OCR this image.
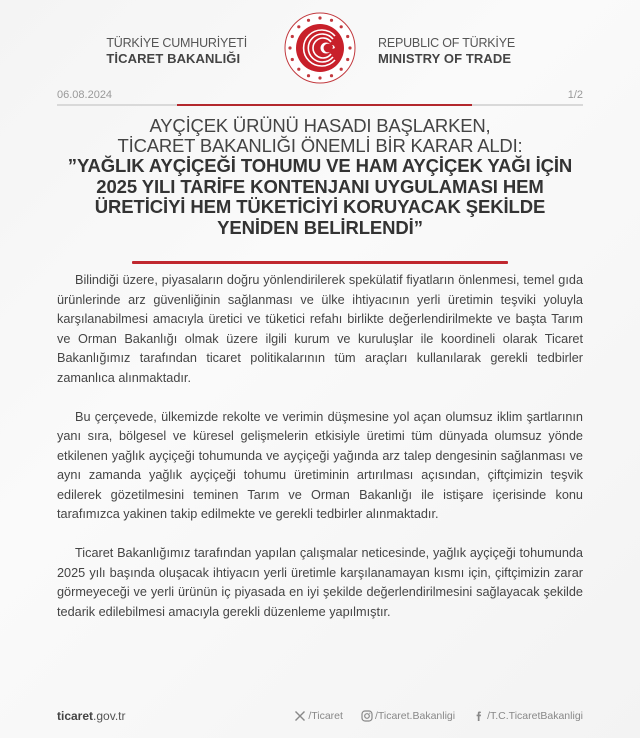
TÜRKİYE CUMHURİYETİ
TİCARET BAKANLIĞI
REPUBLIC OF TÜRKİYE
MINISTRY OF TRADE
06.08.2024	1/2
AYÇİÇEK ÜRÜNÜ HASADI BAŞLARKEN,
TİCARET BAKANLIĞI ÖNEMLİ BİR KARAR ALDI:
”YAĞLIK AYÇİÇEĞİ TOHUMU VE HAM AYÇİÇEK YAĞI İÇİN
2025 YILI TARİFE KONTENJANI UYGULAMASI HEM
ÜRETİCİYİ HEM TÜKETİCİYİ KORUYACAK ŞEKİLDE
YENİDEN BELİRLENDİ”

Bilindiği üzere, piyasaların doğru yönlendirilerek spekülatif fiyatların önlenmesi, temel gıda ürünlerinde arz güvenliğinin sağlanması ve ülke ihtiyacının yerli üretimin teşviki yoluyla karşılanabilmesi amacıyla üretici ve tüketici refahı birlikte değerlendirilmekte ve başta Tarım ve Orman Bakanlığı olmak üzere ilgili kurum ve kuruluşlar ile koordineli olarak Ticaret Bakanlığımız tarafından ticaret politikalarının tüm araçları kullanılarak gerekli tedbirler zamanlıca alınmaktadır.

Bu çerçevede, ülkemizde rekolte ve verimin düşmesine yol açan olumsuz iklim şartlarının yanı sıra, bölgesel ve küresel gelişmelerin etkisiyle üretimi tüm dünyada olumsuz yönde etkilenen yağlık ayçiçeği tohumunda ve ayçiçeği yağında arz talep dengesinin sağlanması ve aynı zamanda yağlık ayçiçeği tohumu üretiminin artırılması açısından, çiftçimizin teşvik edilerek gözetilmesini teminen Tarım ve Orman Bakanlığı ile istişare içerisinde konu tarafımızca yakinen takip edilmekte ve gerekli tedbirler alınmaktadır.

Ticaret Bakanlığımız tarafından yapılan çalışmalar neticesinde, yağlık ayçiçeği tohumunda 2025 yılı başında oluşacak ihtiyacın yerli üretimle karşılanamayan kısmı için, çiftçimizin zarar görmeyeceği ve yerli ürünün iç piyasada en iyi şekilde değerlendirilmesini sağlayacak şekilde tedarik edilebilmesi amacıyla gerekli düzenleme yapılmıştır.

ticaret.gov.tr	/Ticaret	/Ticaret.Bakanligi	/T.C.TicaretBakanligi
